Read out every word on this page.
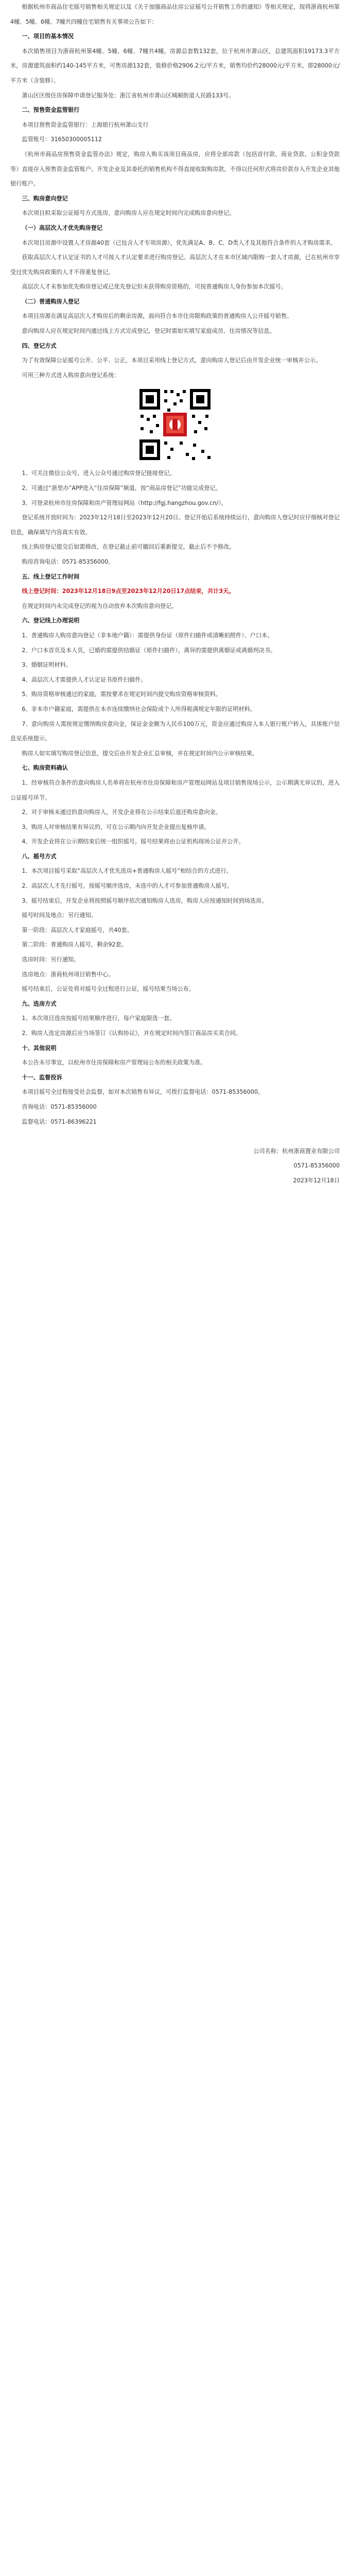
根据杭州市商品住宅摇号销售相关规定以及《关于加强商品住房公证摇号公开销售工作的通知》等相关规定，现将浙商杭州第4幢、5幢、6幢、7幢共四幢住宅销售有关事项公告如下：

一、项目的基本情况

本次销售项目为浙商杭州第4幢、5幢、6幢、7幢共4幢，房源总套数132套，位于杭州市萧山区，总建筑面积19173.3平方米，房源建筑面积约140-145平方米，可售房源132套，装修价格2906.2元/平方米，销售均价约28000元/平方米，即28000元/平方米（含装修）。

萧山区区级住房保障申请登记服务处：浙江省杭州市萧山区城厢街道人民路133号。

二、预售资金监管银行

本项目预售资金监管银行：上海银行杭州萧山支行

监管账号：31650300005112

《杭州市商品房预售资金监管办法》规定，购房人购买该项目商品房，应将全部房款（包括首付款、商业贷款、公积金贷款等）直接存入预售资金监管账户。开发企业及其委托的销售机构不得直接收取购房款，不得以任何形式将房价款存入开发企业其他银行账户。

三、购房意向登记

本次项目拟采取公证摇号方式选房，意向购房人应在规定时间内完成购房意向登记。

（一）高层次人才优先购房登记

本次项目房源中设置人才房源40套（已包含人才专项房源），优先满足A、B、C、D类人才及其他符合条件的人才购房需求。

获取高层次人才认定证书的人才可按人才认定要求进行购房登记。高层次人才在本市区域内限购一套人才房源，已在杭州市享受过优先购房政策的人才不得重复登记。

高层次人才未参加优先购房登记或已优先登记但未获得购房资格的，可按普通购房人身份参加本次摇号。

（二）普通购房人登记

本项目房源在满足高层次人才购房后的剩余房源，面向符合本市住房限购政策的普通购房人公开摇号销售。

意向购房人应在规定时间内通过线上方式完成登记，登记时需如实填写家庭成员、住房情况等信息。

四、登记方式

为了有效保障公证摇号公开、公平、公正，本项目采用线上登记方式，意向购房人登记后由开发企业统一审核并公示。

可用三种方式进入购房意向登记系统：

1、可关注微信公众号，进入公众号通过购房登记链接登记。

2、可通过“浙里办”APP进入“住房保障”频道，按“商品房登记”功能完成登记。

3、可登录杭州市住房保障和房产管理局网站（http://fgj.hangzhou.gov.cn/）。

登记系统开放时间为：2023年12月18日至2023年12月20日。登记开始后系统持续运行，意向购房人登记时应仔细核对登记信息，确保填写内容真实有效。

线上购房登记提交后如需修改，在登记截止前可撤回后重新提交，截止后不予修改。

购房咨询电话：0571-85356000。

五、线上登记工作时间

线上登记时间：2023年12月18日9点至2023年12月20日17点结束，共计3天。

在规定时间内未完成登记的视为自动放弃本次购房意向登记。

六、登记线上办理说明

1、普通购房人购房意向登记（非本地户籍）：需提供身份证（原件扫描件或清晰拍照件）、户口本。

2、户口本首页及本人页，已婚的需提供结婚证（原件扫描件），离异的需提供离婚证或离婚判决书。

3、婚姻证明材料。

4、高层次人才需提供人才认定证书原件扫描件。

5、购房资格审核通过的家庭，需按要求在规定时间内提交购房资格审核资料。

6、非本市户籍家庭，需提供在本市连续缴纳社会保险或个人所得税满规定年限的证明材料。

7、意向购房人需按规定缴纳购房意向金，保证金金额为人民币100万元，资金应通过购房人本人银行账户转入，具体账户信息见系统提示。

购房人如实填写购房登记信息，提交后由开发企业汇总审核，并在规定时间内公示审核结果。

七、购房资料确认

1、经审核符合条件的意向购房人名单将在杭州市住房保障和房产管理局网站及项目销售现场公示，公示期满无异议的，进入公证摇号环节。

2、对于审核未通过的意向购房人，开发企业将在公示结束后退还购房意向金。

3、购房人对审核结果有异议的，可在公示期内向开发企业提出复核申请。

4、开发企业将在公示期结束后统一组织摇号，摇号结果将由公证机构现场公证并公开。

八、摇号方式

1、本次项目摇号采取“高层次人才优先选房+普通购房人摇号”相结合的方式进行。

2、高层次人才先行摇号，按摇号顺序选房，未选中的人才可参加普通购房人摇号。

3、摇号结束后，开发企业将按照摇号顺序依次通知购房人选房，购房人应按通知时间到场选房。

摇号时间及地点：另行通知。

第一阶段：高层次人才家庭摇号，共40套。

第二阶段：普通购房人摇号，剩余92套。

选房时间：另行通知。

选房地点：浙商杭州项目销售中心。

摇号结束后，公证处将对摇号全过程进行公证，摇号结果当场公布。

九、选房方式

1、本次项目选房按摇号结果顺序进行，每户家庭限选一套。

2、购房人选定房源后应当场签订《认购协议》，并在规定时间内签订商品房买卖合同。

十、其他说明

本公告未尽事宜，以杭州市住房保障和房产管理局公布的相关政策为准。

十一、监督投诉

本项目摇号全过程接受社会监督，如对本次销售有异议，可拨打监督电话：0571-85356000。

咨询电话：0571-85356000

监督电话：0571-86396221

公司名称：杭州浙商置业有限公司

0571-85356000

2023年12月18日
